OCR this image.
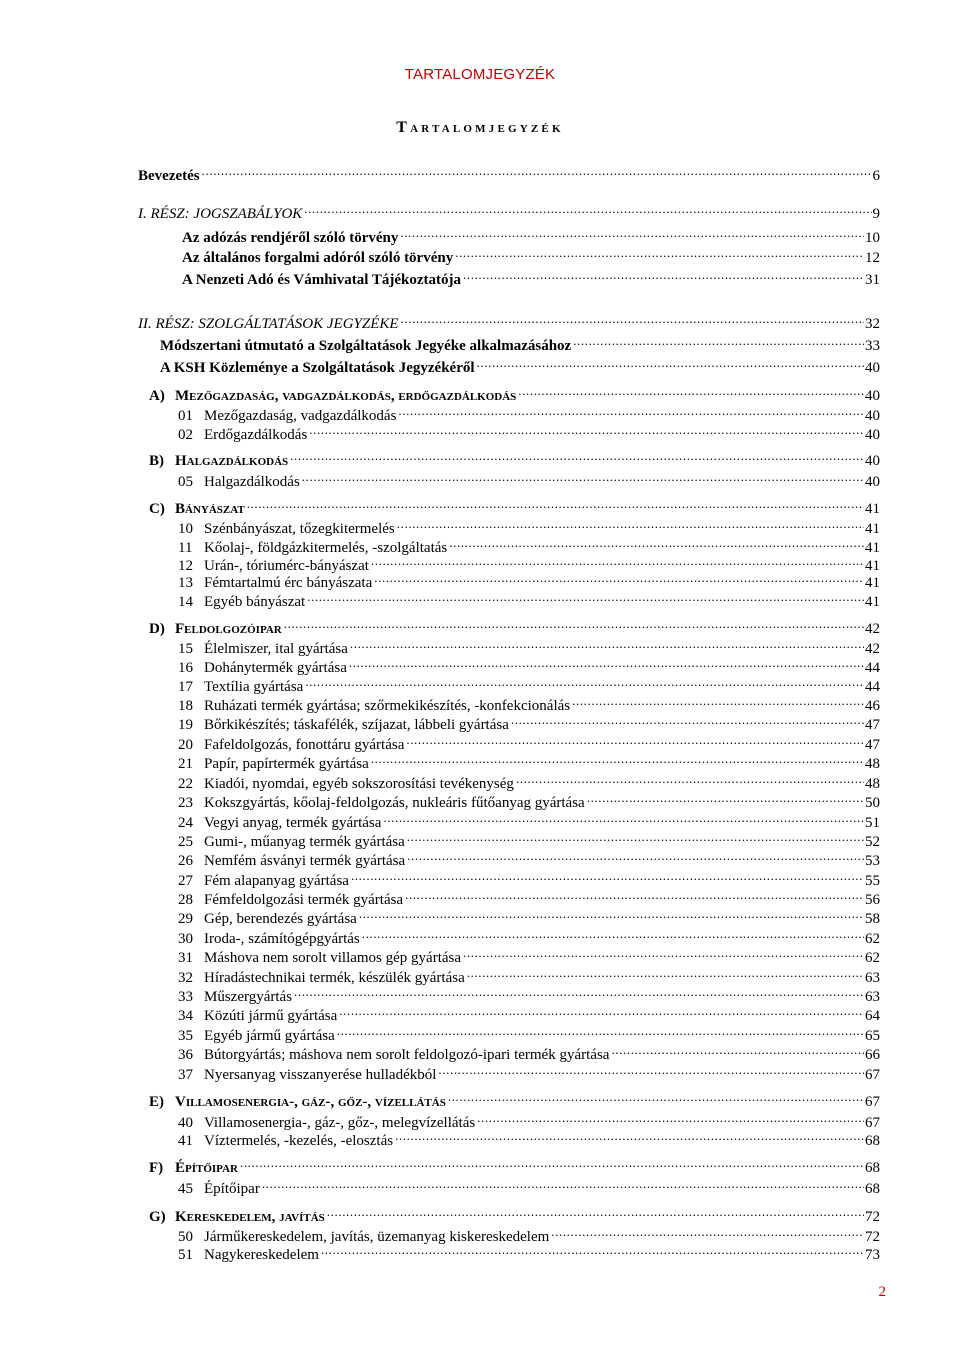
TARTALOMJEGYZÉK
Tartalomjegyzék
Bevezetés .....	6
I. RÉSZ: JOGSZABÁLYOK .....	9
Az adózás rendjéről szóló törvény .....	10
Az általános forgalmi adóról szóló törvény .....	12
A Nenzeti Adó és Vámhivatal Tájékoztatója .....	31
II. RÉSZ: SZOLGÁLTATÁSOK JEGYZÉKE .....	32
Módszertani útmutató a Szolgáltatások Jegyéke alkalmazásához .....	33
A KSH Közleménye a Szolgáltatások Jegyzékéről .....	40
A) Mezőgazdaság, vadgazdálkodás, erdőgazdálkodás .....	40
01 Mezőgazdaság, vadgazdálkodás .....	40
02 Erdőgazdálkodás .....	40
B) Halgazdálkodás .....	40
05 Halgazdálkodás .....	40
C) Bányászat .....	41
10 Szénbányászat, tőzegkitermelés .....	41
11 Kőolaj-, földgázkitermelés, -szolgáltatás .....	41
12 Urán-, tóriumérc-bányászat .....	41
13 Fémtartalmú érc bányászata .....	41
14 Egyéb bányászat .....	41
D) Feldolgozóipar .....	42
15 Élelmiszer, ital gyártása .....	42
16 Dohánytermék gyártása .....	44
17 Textília gyártása .....	44
18 Ruházati termék gyártása; szőrmekikészítés, -konfekcionálás .....	46
19 Bőrkikészítés; táskafélék, szíjazat, lábbeli gyártása .....	47
20 Fafeldolgozás, fonottáru gyártása .....	47
21 Papír, papírtermék gyártása .....	48
22 Kiadói, nyomdai, egyéb sokszorosítási tevékenység .....	48
23 Kokszgyártás, kőolaj-feldolgozás, nukleáris fűtőanyag gyártása .....	50
24 Vegyi anyag, termék gyártása .....	51
25 Gumi-, műanyag termék gyártása .....	52
26 Nemfém ásványi termék gyártása .....	53
27 Fém alapanyag gyártása .....	55
28 Fémfeldolgozási termék gyártása .....	56
29 Gép, berendezés gyártása .....	58
30 Iroda-, számítógépgyártás .....	62
31 Máshova nem sorolt villamos gép gyártása .....	62
32 Híradástechnikai termék, készülék gyártása .....	63
33 Műszergyártás .....	63
34 Közúti jármű gyártása .....	64
35 Egyéb jármű gyártása .....	65
36 Bútorgyártás; máshova nem sorolt feldolgozó-ipari termék gyártása .....	66
37 Nyersanyag visszanyerése hulladékból .....	67
E) Villamosenergia-, gáz-, gőz-, vízellátás .....	67
40 Villamosenergia-, gáz-, gőz-, melegvízellátás .....	67
41 Víztermelés, -kezelés, -elosztás .....	68
F) Építőipar .....	68
45 Építőipar .....	68
G) Kereskedelem, javítás .....	72
50 Járműkereskedelem, javítás, üzemanyag kiskereskedelem .....	72
51 Nagykereskedelem .....	73
2
